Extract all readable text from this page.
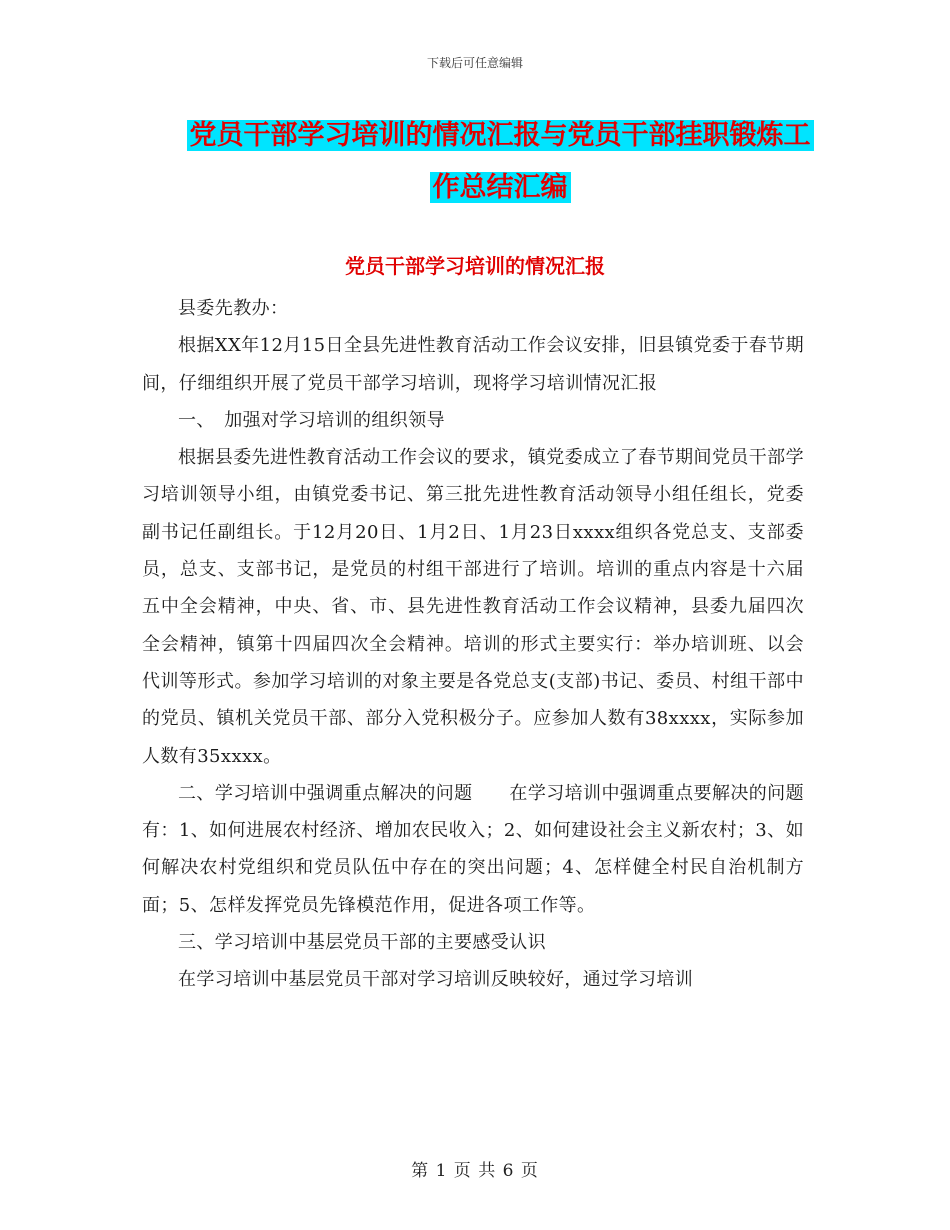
下载后可任意编辑
党员干部学习培训的情况汇报与党员干部挂职锻炼工
作总结汇编
党员干部学习培训的情况汇报

县委先教办：

根据XX年12月15日全县先进性教育活动工作会议安排，旧县镇党委于春节期间，仔细组织开展了党员干部学习培训，现将学习培训情况汇报

一、　加强对学习培训的组织领导

根据县委先进性教育活动工作会议的要求，镇党委成立了春节期间党员干部学习培训领导小组，由镇党委书记、第三批先进性教育活动领导小组任组长，党委副书记任副组长。于12月20日、1月2日、1月23日xxxx组织各党总支、支部委员，总支、支部书记，是党员的村组干部进行了培训。培训的重点内容是十六届五中全会精神，中央、省、市、县先进性教育活动工作会议精神，县委九届四次全会精神，镇第十四届四次全会精神。培训的形式主要实行：举办培训班、以会代训等形式。参加学习培训的对象主要是各党总支(支部)书记、委员、村组干部中的党员、镇机关党员干部、部分入党积极分子。应参加人数有38xxxx，实际参加人数有35xxxx。

二、学习培训中强调重点解决的问题　　在学习培训中强调重点要解决的问题有：1、如何进展农村经济、增加农民收入；2、如何建设社会主义新农村；3、如何解决农村党组织和党员队伍中存在的突出问题；4、怎样健全村民自治机制方面；5、怎样发挥党员先锋模范作用，促进各项工作等。

三、学习培训中基层党员干部的主要感受认识

在学习培训中基层党员干部对学习培训反映较好，通过学习培训

第 1 页 共 6 页
